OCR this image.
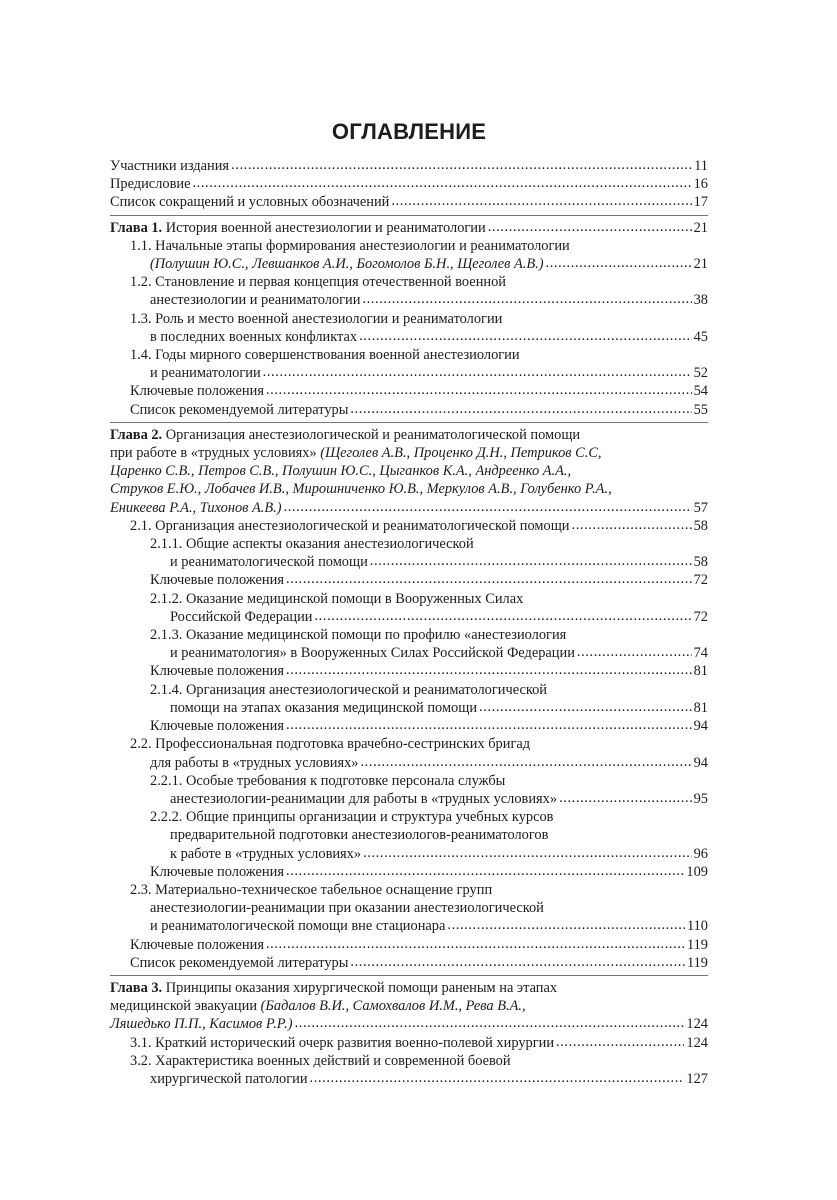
ОГЛАВЛЕНИЕ
Участники издания .....	11
Предисловие .....	16
Список сокращений и условных обозначений .....	17
Глава 1. История военной анестезиологии и реаниматологии .....	21
1.1. Начальные этапы формирования анестезиологии и реаниматологии
(Полушин Ю.С., Левшанков А.И., Богомолов Б.Н., Щеголев А.В.) .....	21
1.2. Становление и первая концепция отечественной военной
анестезиологии и реаниматологии .....	38
1.3. Роль и место военной анестезиологии и реаниматологии
в последних военных конфликтах .....	45
1.4. Годы мирного совершенствования военной анестезиологии
и реаниматологии .....	52
Ключевые положения .....	54
Список рекомендуемой литературы .....	55
Глава 2. Организация анестезиологической и реаниматологической помощи
при работе в «трудных условиях» (Щеголев А.В., Проценко Д.Н., Петриков С.С,
Царенко С.В., Петров С.В., Полушин Ю.С., Цыганков К.А., Андреенко А.А.,
Струков Е.Ю., Лобачев И.В., Мирошниченко Ю.В., Меркулов А.В., Голубенко Р.А.,
Еникеева Р.А., Тихонов А.В.) .....	57
2.1. Организация анестезиологической и реаниматологической помощи .....	58
2.1.1. Общие аспекты оказания анестезиологической
и реаниматологической помощи .....	58
Ключевые положения .....	72
2.1.2. Оказание медицинской помощи в Вооруженных Силах
Российской Федерации .....	72
2.1.3. Оказание медицинской помощи по профилю «анестезиология
и реаниматология» в Вооруженных Силах Российской Федерации .....	74
Ключевые положения .....	81
2.1.4. Организация анестезиологической и реаниматологической
помощи на этапах оказания медицинской помощи .....	81
Ключевые положения .....	94
2.2. Профессиональная подготовка врачебно-сестринских бригад
для работы в «трудных условиях» .....	94
2.2.1. Особые требования к подготовке персонала службы
анестезиологии-реанимации для работы в «трудных условиях» .....	95
2.2.2. Общие принципы организации и структура учебных курсов
предварительной подготовки анестезиологов-реаниматологов
к работе в «трудных условиях» .....	96
Ключевые положения .....	109
2.3. Материально-техническое табельное оснащение групп
анестезиологии-реанимации при оказании анестезиологической
и реаниматологической помощи вне стационара .....	110
Ключевые положения .....	119
Список рекомендуемой литературы .....	119
Глава 3. Принципы оказания хирургической помощи раненым на этапах
медицинской эвакуации (Бадалов В.И., Самохвалов И.М., Рева В.А.,
Ляшедько П.П., Касимов Р.Р.) .....	124
3.1. Краткий исторический очерк развития военно-полевой хирургии .....	124
3.2. Характеристика военных действий и современной боевой
хирургической патологии .....	127
